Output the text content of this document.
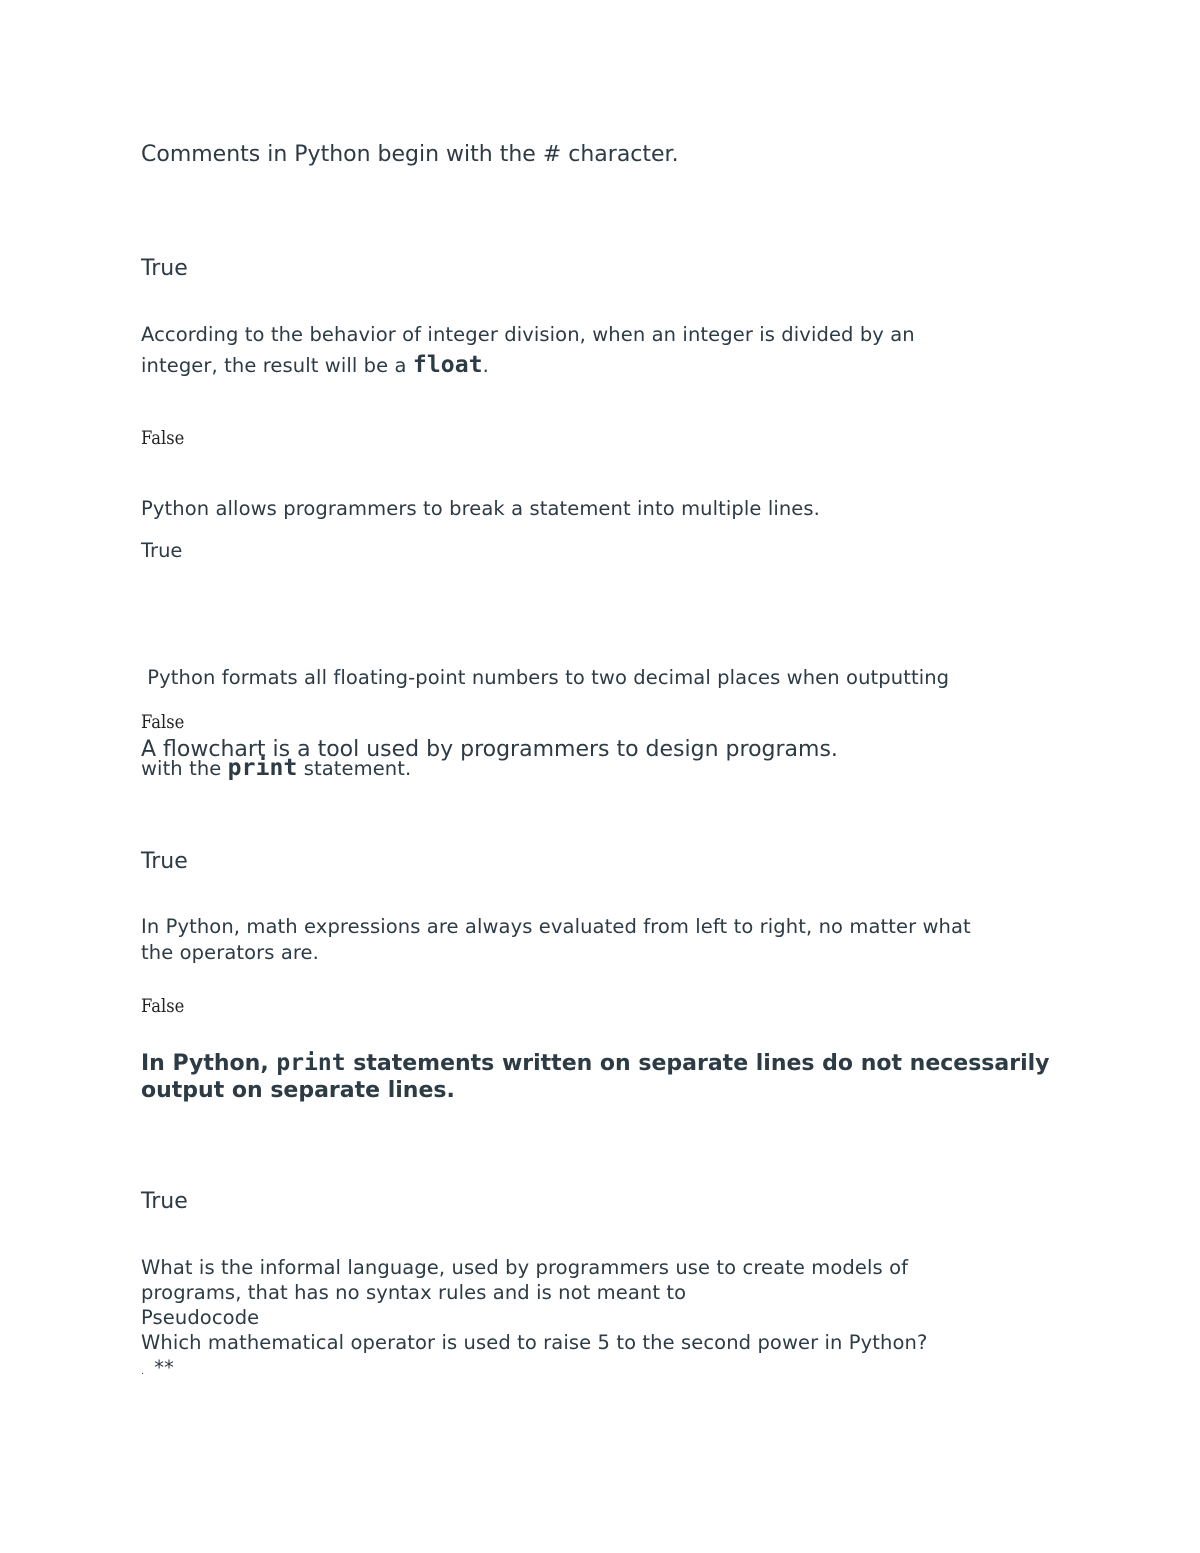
Comments in Python begin with the # character.
True
According to the behavior of integer division, when an integer is divided by an
integer, the result will be a float.
False
Python allows programmers to break a statement into multiple lines.
True

Python formats all floating-point numbers to two decimal places when outputting

with the print statement.

False
A flowchart is a tool used by programmers to design programs.
True
In Python, math expressions are always evaluated from left to right, no matter what
the operators are.
False
In Python, print statements written on separate lines do not necessarily
output on separate lines.
True
What is the informal language, used by programmers use to create models of
programs, that has no syntax rules and is not meant to
Pseudocode
Which mathematical operator is used to raise 5 to the second power in Python?
. **
